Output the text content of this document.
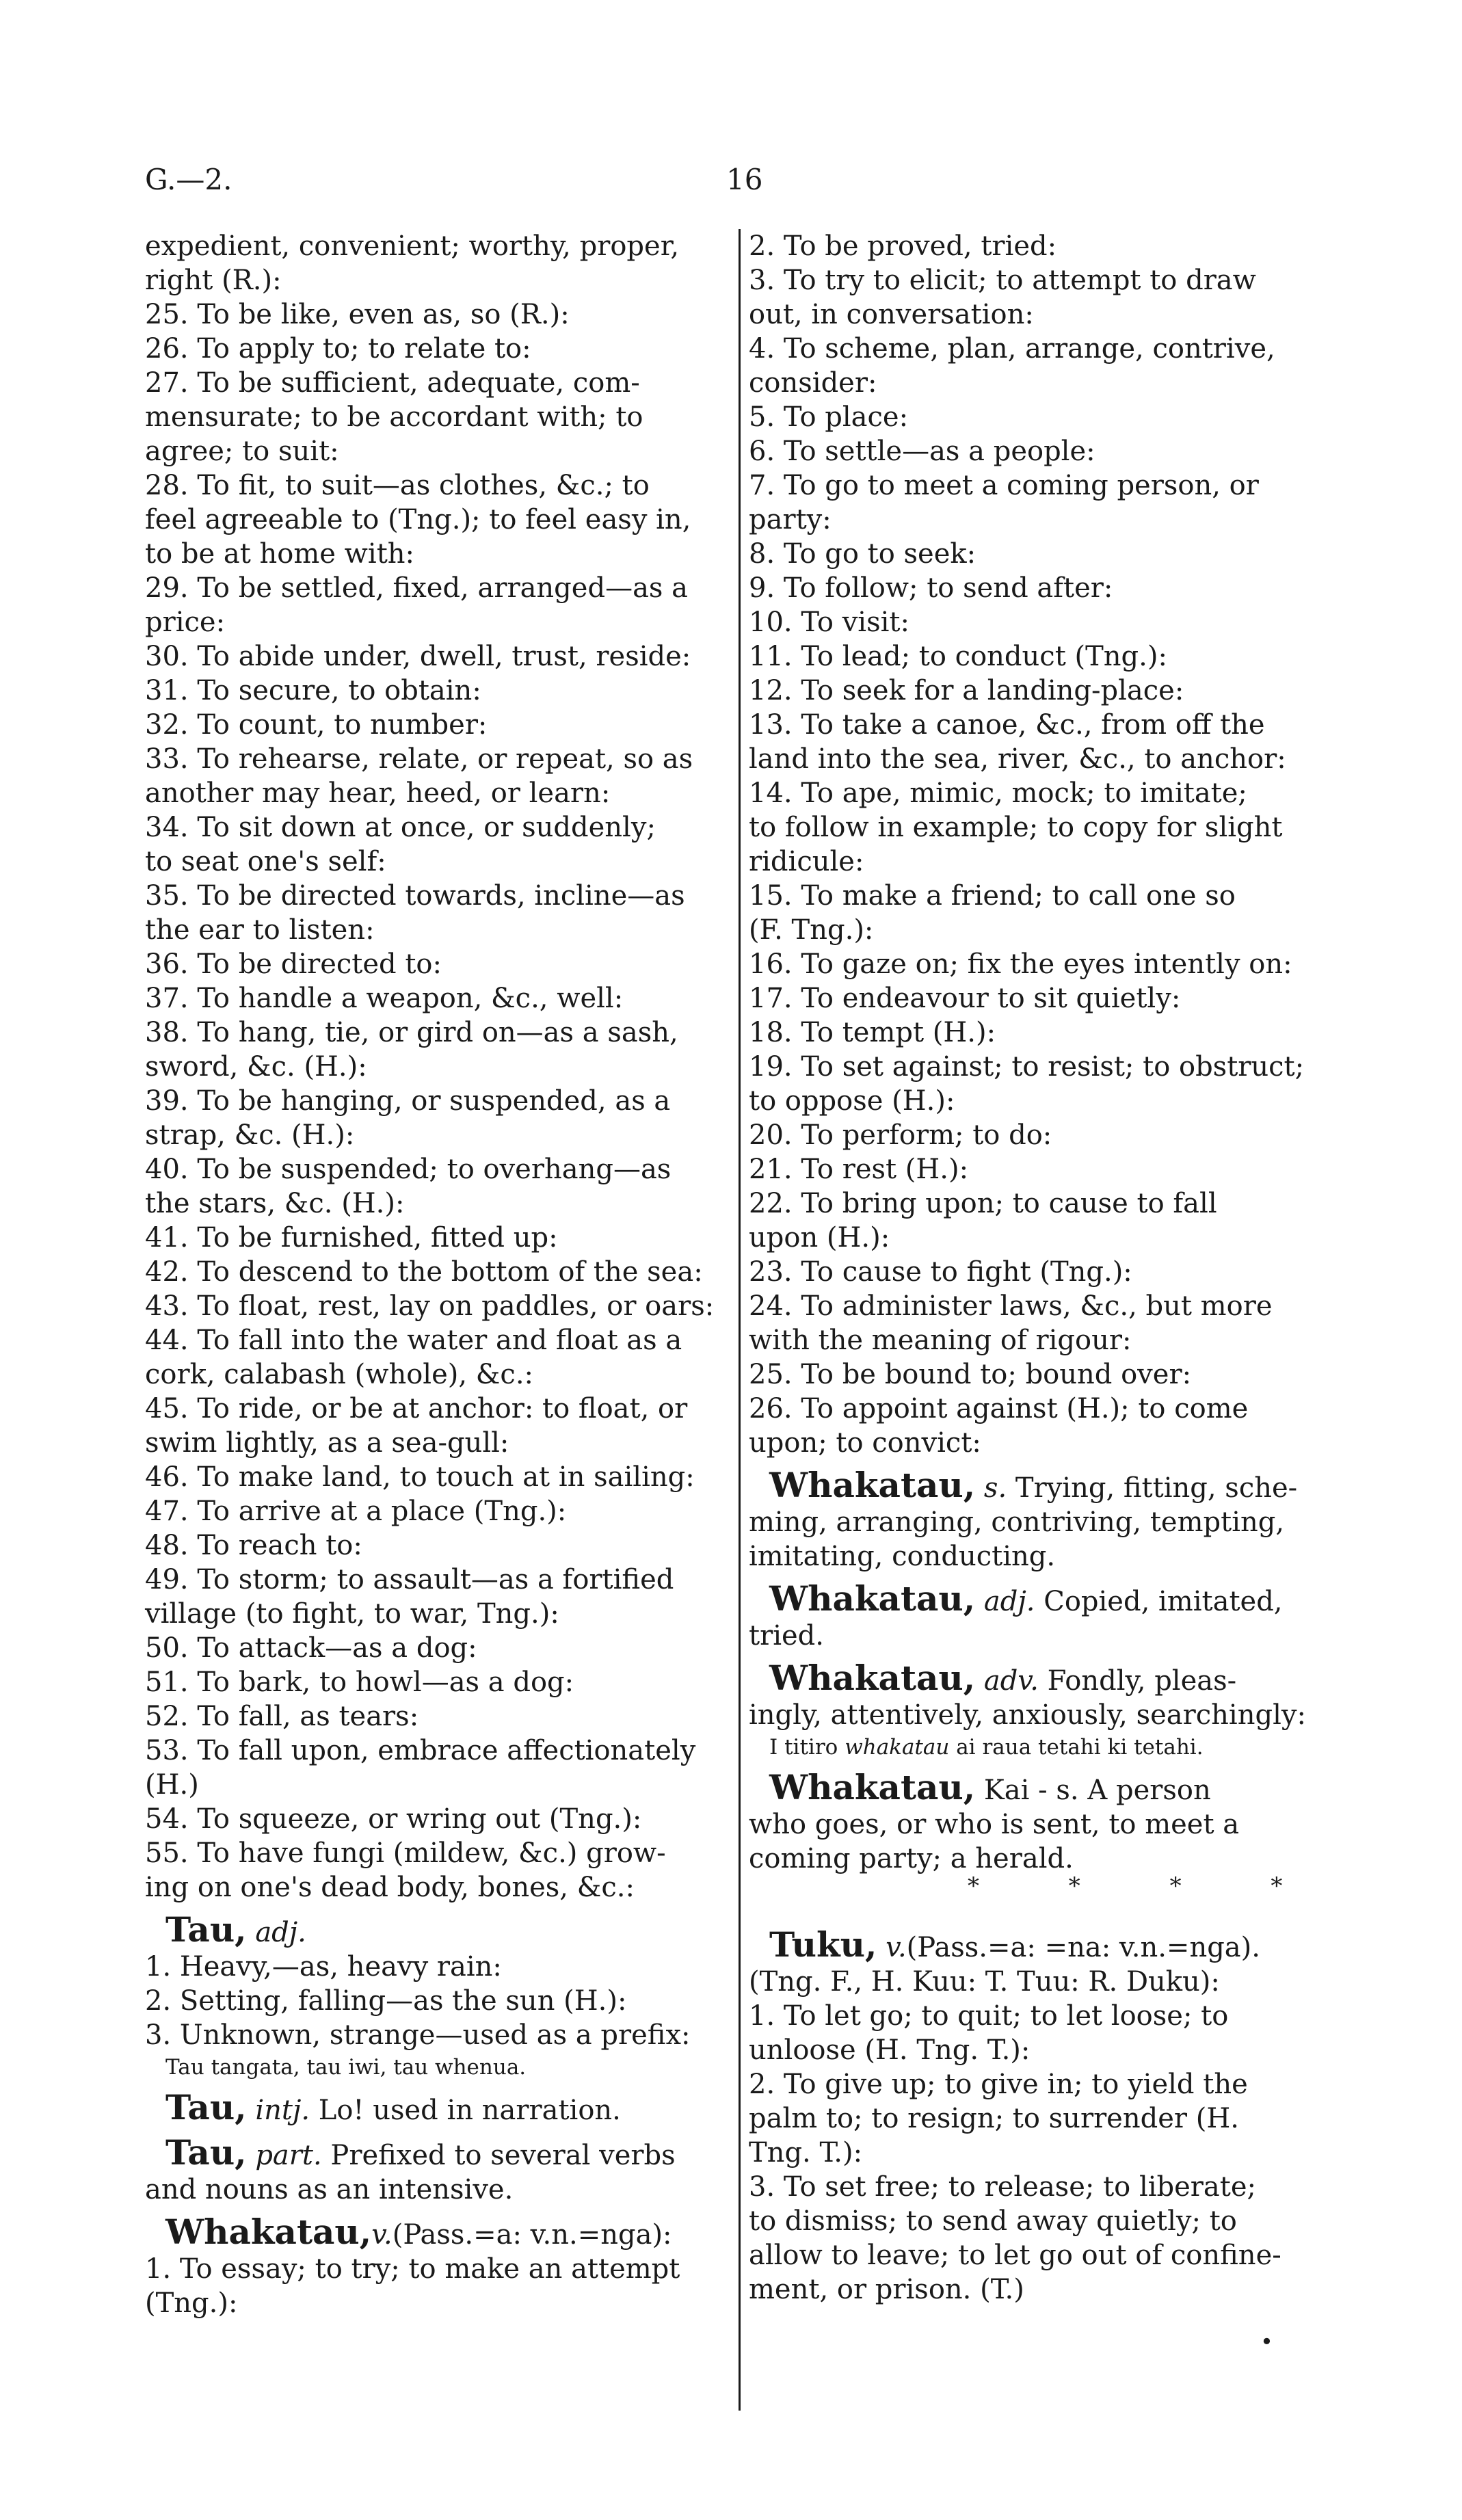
G.—2.	16
expedient, convenient; worthy, proper,
right (R.):
25. To be like, even as, so (R.):
26. To apply to; to relate to:
27. To be sufficient, adequate, com-
mensurate; to be accordant with; to
agree; to suit:
28. To fit, to suit—as clothes, &c.; to
feel agreeable to (Tng.); to feel easy in,
to be at home with:
29. To be settled, fixed, arranged—as a
price:
30. To abide under, dwell, trust, reside:
31. To secure, to obtain:
32. To count, to number:
33. To rehearse, relate, or repeat, so as
another may hear, heed, or learn:
34. To sit down at once, or suddenly;
to seat one's self:
35. To be directed towards, incline—as
the ear to listen:
36. To be directed to:
37. To handle a weapon, &c., well:
38. To hang, tie, or gird on—as a sash,
sword, &c. (H.):
39. To be hanging, or suspended, as a
strap, &c. (H.):
40. To be suspended; to overhang—as
the stars, &c. (H.):
41. To be furnished, fitted up:
42. To descend to the bottom of the sea:
43. To float, rest, lay on paddles, or oars:
44. To fall into the water and float as a
cork, calabash (whole), &c.:
45. To ride, or be at anchor: to float, or
swim lightly, as a sea-gull:
46. To make land, to touch at in sailing:
47. To arrive at a place (Tng.):
48. To reach to:
49. To storm; to assault—as a fortified
village (to fight, to war, Tng.):
50. To attack—as a dog:
51. To bark, to howl—as a dog:
52. To fall, as tears:
53. To fall upon, embrace affectionately
(H.)
54. To squeeze, or wring out (Tng.):
55. To have fungi (mildew, &c.) grow-
ing on one's dead body, bones, &c.:
Tau, adj.
1. Heavy,—as, heavy rain:
2. Setting, falling—as the sun (H.):
3. Unknown, strange—used as a prefix:
Tau tangata, tau iwi, tau whenua.
Tau, intj. Lo! used in narration.
Tau, part. Prefixed to several verbs
and nouns as an intensive.
Whakatau,v.(Pass.=a: v.n.=nga):
1. To essay; to try; to make an attempt
(Tng.):
2. To be proved, tried:
3. To try to elicit; to attempt to draw
out, in conversation:
4. To scheme, plan, arrange, contrive,
consider:
5. To place:
6. To settle—as a people:
7. To go to meet a coming person, or
party:
8. To go to seek:
9. To follow; to send after:
10. To visit:
11. To lead; to conduct (Tng.):
12. To seek for a landing-place:
13. To take a canoe, &c., from off the
land into the sea, river, &c., to anchor:
14. To ape, mimic, mock; to imitate;
to follow in example; to copy for slight
ridicule:
15. To make a friend; to call one so
(F. Tng.):
16. To gaze on; fix the eyes intently on:
17. To endeavour to sit quietly:
18. To tempt (H.):
19. To set against; to resist; to obstruct;
to oppose (H.):
20. To perform; to do:
21. To rest (H.):
22. To bring upon; to cause to fall
upon (H.):
23. To cause to fight (Tng.):
24. To administer laws, &c., but more
with the meaning of rigour:
25. To be bound to; bound over:
26. To appoint against (H.); to come
upon; to convict:
Whakatau, s. Trying, fitting, sche-
ming, arranging, contriving, tempting,
imitating, conducting.
Whakatau, adj. Copied, imitated,
tried.
Whakatau, adv. Fondly, pleas-
ingly, attentively, anxiously, searchingly:
I titiro whakatau ai raua tetahi ki tetahi.
Whakatau, Kai - s. A person
who goes, or who is sent, to meet a
coming party; a herald.
* * * *
Tuku, v.(Pass.=a: =na: v.n.=nga).
(Tng. F., H. Kuu: T. Tuu: R. Duku):
1. To let go; to quit; to let loose; to
unloose (H. Tng. T.):
2. To give up; to give in; to yield the
palm to; to resign; to surrender (H.
Tng. T.):
3. To set free; to release; to liberate;
to dismiss; to send away quietly; to
allow to leave; to let go out of confine-
ment, or prison. (T.)
•
